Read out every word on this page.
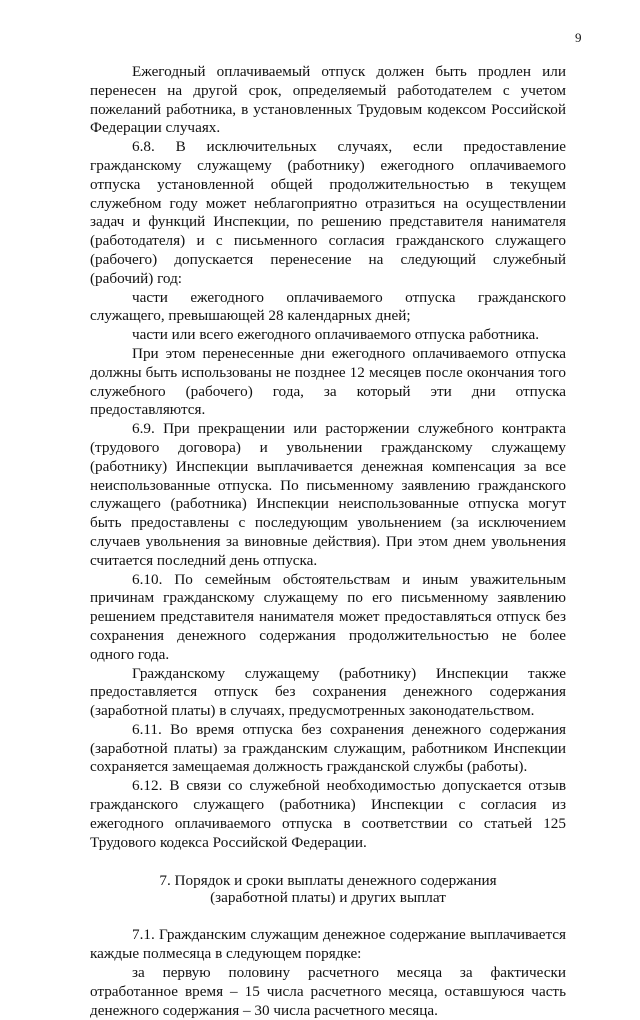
9

Ежегодный оплачиваемый отпуск должен быть продлен или перенесен на другой срок, определяемый работодателем с учетом пожеланий работника, в установленных Трудовым кодексом Российской Федерации случаях.

6.8. В исключительных случаях, если предоставление гражданскому служащему (работнику) ежегодного оплачиваемого отпуска установленной общей продолжительностью в текущем служебном году может неблагоприятно отразиться на осуществлении задач и функций Инспекции, по решению представителя нанимателя (работодателя) и с письменного согласия гражданского служащего (рабочего) допускается перенесение на следующий служебный (рабочий) год:

части ежегодного оплачиваемого отпуска гражданского служащего, превышающей 28 календарных дней;

части или всего ежегодного оплачиваемого отпуска работника.

При этом перенесенные дни ежегодного оплачиваемого отпуска должны быть использованы не позднее 12 месяцев после окончания того служебного (рабочего) года, за который эти дни отпуска предоставляются.

6.9. При прекращении или расторжении служебного контракта (трудового договора) и увольнении гражданскому служащему (работнику) Инспекции выплачивается денежная компенсация за все неиспользованные отпуска. По письменному заявлению гражданского служащего (работника) Инспекции неиспользованные отпуска могут быть предоставлены с последующим увольнением (за исключением случаев увольнения за виновные действия). При этом днем увольнения считается последний день отпуска.

6.10. По семейным обстоятельствам и иным уважительным причинам гражданскому служащему по его письменному заявлению решением представителя нанимателя может предоставляться отпуск без сохранения денежного содержания продолжительностью не более одного года.

Гражданскому служащему (работнику) Инспекции также предоставляется отпуск без сохранения денежного содержания (заработной платы) в случаях, предусмотренных законодательством.

6.11. Во время отпуска без сохранения денежного содержания (заработной платы) за гражданским служащим, работником Инспекции сохраняется замещаемая должность гражданской службы (работы).

6.12. В связи со служебной необходимостью допускается отзыв гражданского служащего (работника) Инспекции с согласия из ежегодного оплачиваемого отпуска в соответствии со статьей 125 Трудового кодекса Российской Федерации.

7. Порядок и сроки выплаты денежного содержания
(заработной платы) и других выплат

7.1. Гражданским служащим денежное содержание выплачивается каждые полмесяца в следующем порядке:

за первую половину расчетного месяца за фактически отработанное время – 15 числа расчетного месяца, оставшуюся часть денежного содержания – 30 числа расчетного месяца.
